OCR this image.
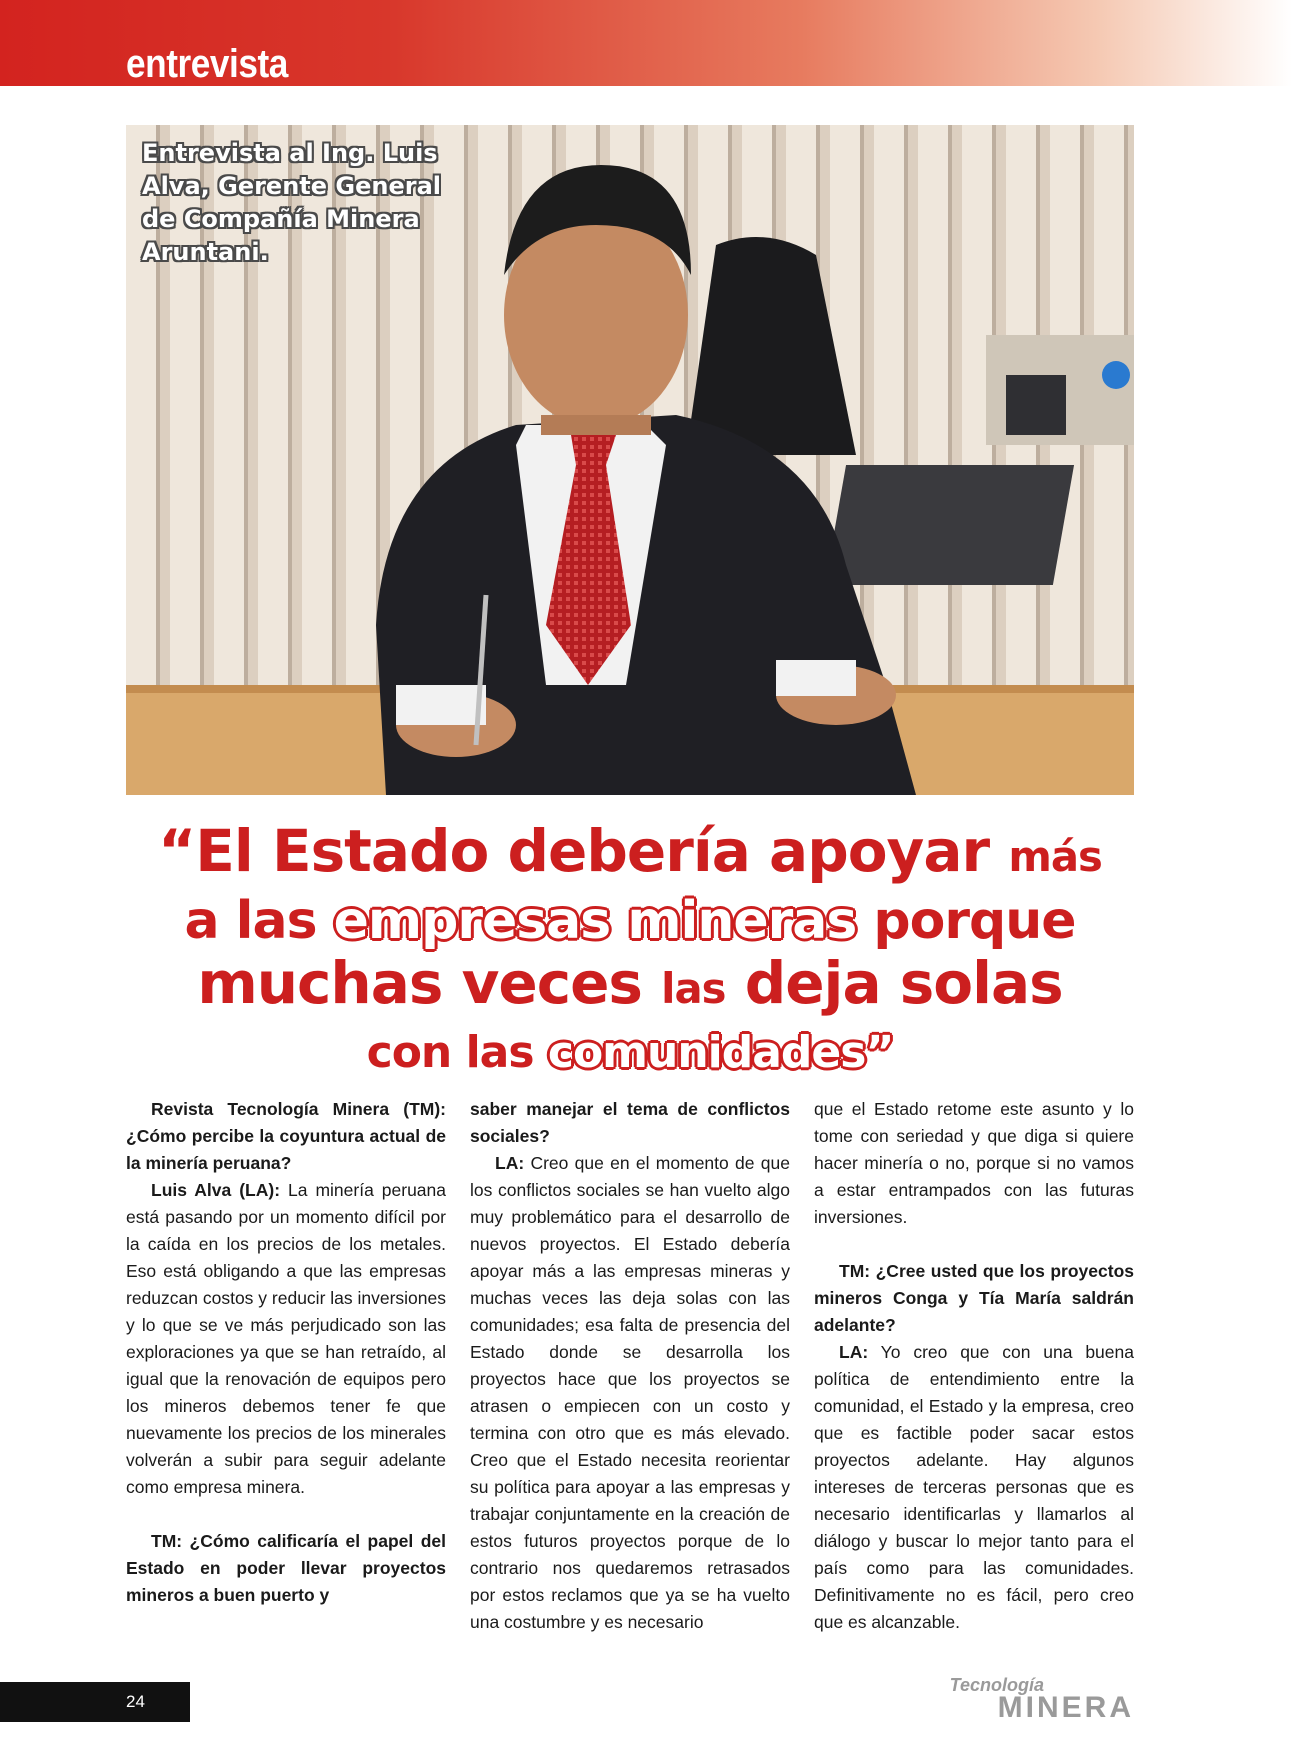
entrevista
Entrevista al Ing. Luis Alva, Gerente General de Compañía Minera Aruntani.
“El Estado debería apoyar más
a las empresas mineras porque
muchas veces las deja solas
con las comunidades”

Revista Tecnología Minera (TM): ¿Cómo percibe la coyuntura actual de la minería peruana?

Luis Alva (LA): La minería peruana está pasando por un momento difícil por la caída en los precios de los metales. Eso está obligando a que las empresas reduzcan costos y reducir las inversiones y lo que se ve más perjudicado son las exploraciones ya que se han retraído, al igual que la renovación de equipos pero los mineros debemos tener fe que nuevamente los precios de los minerales volverán a subir para seguir adelante como empresa minera.

TM: ¿Cómo calificaría el papel del Estado en poder llevar proyectos mineros a buen puerto y

saber manejar el tema de conflictos sociales?

LA: Creo que en el momento de que los conflictos sociales se han vuelto algo muy problemático para el desarrollo de nuevos proyectos. El Estado debería apoyar más a las empresas mineras y muchas veces las deja solas con las comunidades; esa falta de presencia del Estado donde se desarrolla los proyectos hace que los proyectos se atrasen o empiecen con un costo y termina con otro que es más elevado. Creo que el Estado necesita reorientar su política para apoyar a las empresas y trabajar conjuntamente en la creación de estos futuros proyectos porque de lo contrario nos quedaremos retrasados por estos reclamos que ya se ha vuelto una costumbre y es necesario

que el Estado retome este asunto y lo tome con seriedad y que diga si quiere hacer minería o no, porque si no vamos a estar entrampados con las futuras inversiones.

TM: ¿Cree usted que los proyectos mineros Conga y Tía María saldrán adelante?

LA: Yo creo que con una buena política de entendimiento entre la comunidad, el Estado y la empresa, creo que es factible poder sacar estos proyectos adelante. Hay algunos intereses de terceras personas que es necesario identificarlas y llamarlos al diálogo y buscar lo mejor tanto para el país como para las comunidades. Definitivamente no es fácil, pero creo que es alcanzable.

24
Tecnología
MINERA
